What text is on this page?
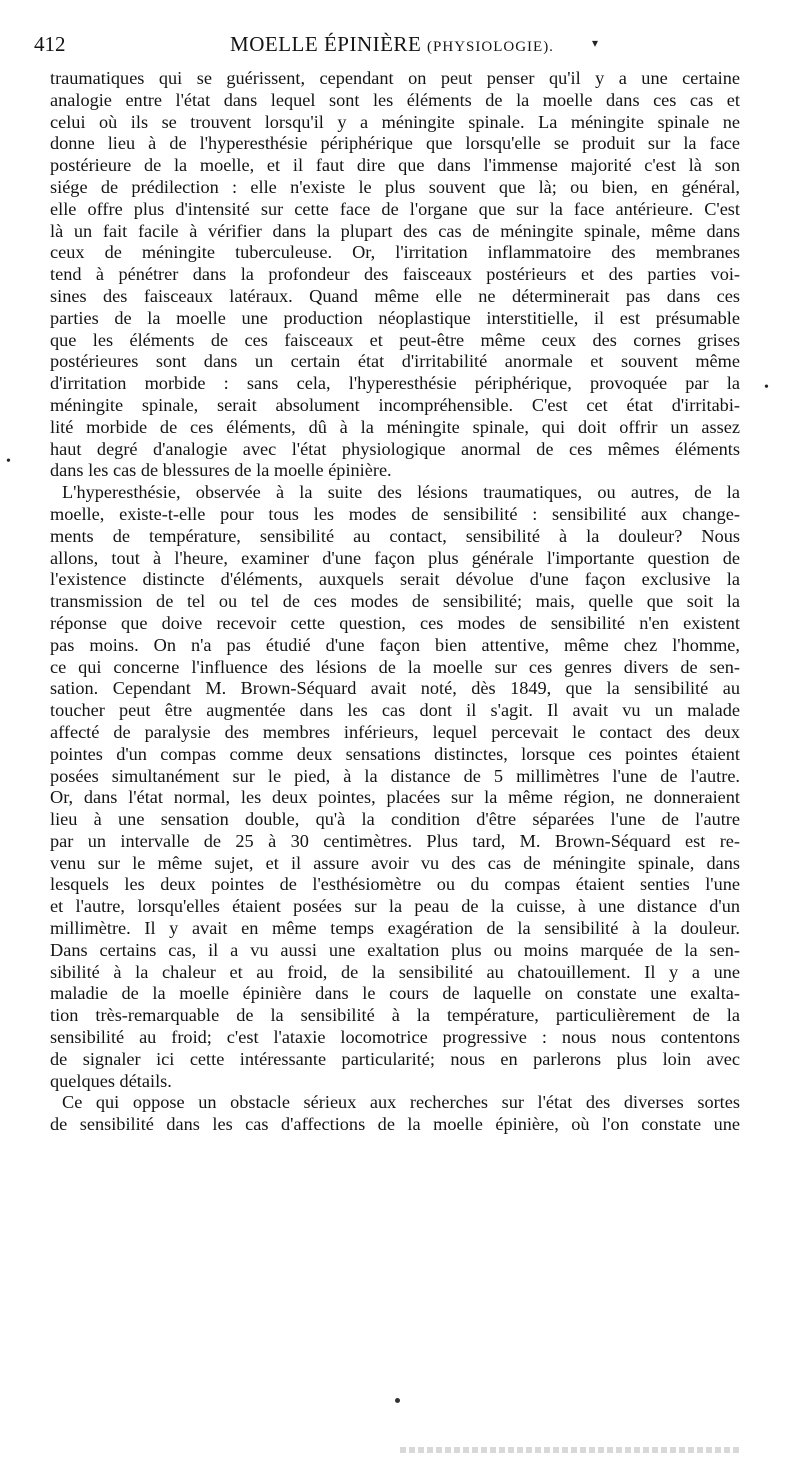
412	MOELLE ÉPINIÈRE (PHYSIOLOGIE).	▾
traumatiques qui se guérissent, cependant on peut penser qu'il y a une certaine
analogie entre l'état dans lequel sont les éléments de la moelle dans ces cas et
celui où ils se trouvent lorsqu'il y a méningite spinale. La méningite spinale ne
donne lieu à de l'hyperesthésie périphérique que lorsqu'elle se produit sur la face
postérieure de la moelle, et il faut dire que dans l'immense majorité c'est là son
siége de prédilection : elle n'existe le plus souvent que là; ou bien, en général,
elle offre plus d'intensité sur cette face de l'organe que sur la face antérieure. C'est
là un fait facile à vérifier dans la plupart des cas de méningite spinale, même dans
ceux de méningite tuberculeuse. Or, l'irritation inflammatoire des membranes
tend à pénétrer dans la profondeur des faisceaux postérieurs et des parties voi-
sines des faisceaux latéraux. Quand même elle ne déterminerait pas dans ces
parties de la moelle une production néoplastique interstitielle, il est présumable
que les éléments de ces faisceaux et peut-être même ceux des cornes grises
postérieures sont dans un certain état d'irritabilité anormale et souvent même
d'irritation morbide : sans cela, l'hyperesthésie périphérique, provoquée par la
méningite spinale, serait absolument incompréhensible. C'est cet état d'irritabi-
lité morbide de ces éléments, dû à la méningite spinale, qui doit offrir un assez
haut degré d'analogie avec l'état physiologique anormal de ces mêmes éléments
dans les cas de blessures de la moelle épinière.
L'hyperesthésie, observée à la suite des lésions traumatiques, ou autres, de la
moelle, existe-t-elle pour tous les modes de sensibilité : sensibilité aux change-
ments de température, sensibilité au contact, sensibilité à la douleur? Nous
allons, tout à l'heure, examiner d'une façon plus générale l'importante question de
l'existence distincte d'éléments, auxquels serait dévolue d'une façon exclusive la
transmission de tel ou tel de ces modes de sensibilité; mais, quelle que soit la
réponse que doive recevoir cette question, ces modes de sensibilité n'en existent
pas moins. On n'a pas étudié d'une façon bien attentive, même chez l'homme,
ce qui concerne l'influence des lésions de la moelle sur ces genres divers de sen-
sation. Cependant M. Brown-Séquard avait noté, dès 1849, que la sensibilité au
toucher peut être augmentée dans les cas dont il s'agit. Il avait vu un malade
affecté de paralysie des membres inférieurs, lequel percevait le contact des deux
pointes d'un compas comme deux sensations distinctes, lorsque ces pointes étaient
posées simultanément sur le pied, à la distance de 5 millimètres l'une de l'autre.
Or, dans l'état normal, les deux pointes, placées sur la même région, ne donneraient
lieu à une sensation double, qu'à la condition d'être séparées l'une de l'autre
par un intervalle de 25 à 30 centimètres. Plus tard, M. Brown-Séquard est re-
venu sur le même sujet, et il assure avoir vu des cas de méningite spinale, dans
lesquels les deux pointes de l'esthésiomètre ou du compas étaient senties l'une
et l'autre, lorsqu'elles étaient posées sur la peau de la cuisse, à une distance d'un
millimètre. Il y avait en même temps exagération de la sensibilité à la douleur.
Dans certains cas, il a vu aussi une exaltation plus ou moins marquée de la sen-
sibilité à la chaleur et au froid, de la sensibilité au chatouillement. Il y a une
maladie de la moelle épinière dans le cours de laquelle on constate une exalta-
tion très-remarquable de la sensibilité à la température, particulièrement de la
sensibilité au froid; c'est l'ataxie locomotrice progressive : nous nous contentons
de signaler ici cette intéressante particularité; nous en parlerons plus loin avec
quelques détails.
Ce qui oppose un obstacle sérieux aux recherches sur l'état des diverses sortes
de sensibilité dans les cas d'affections de la moelle épinière, où l'on constate une
•
•
